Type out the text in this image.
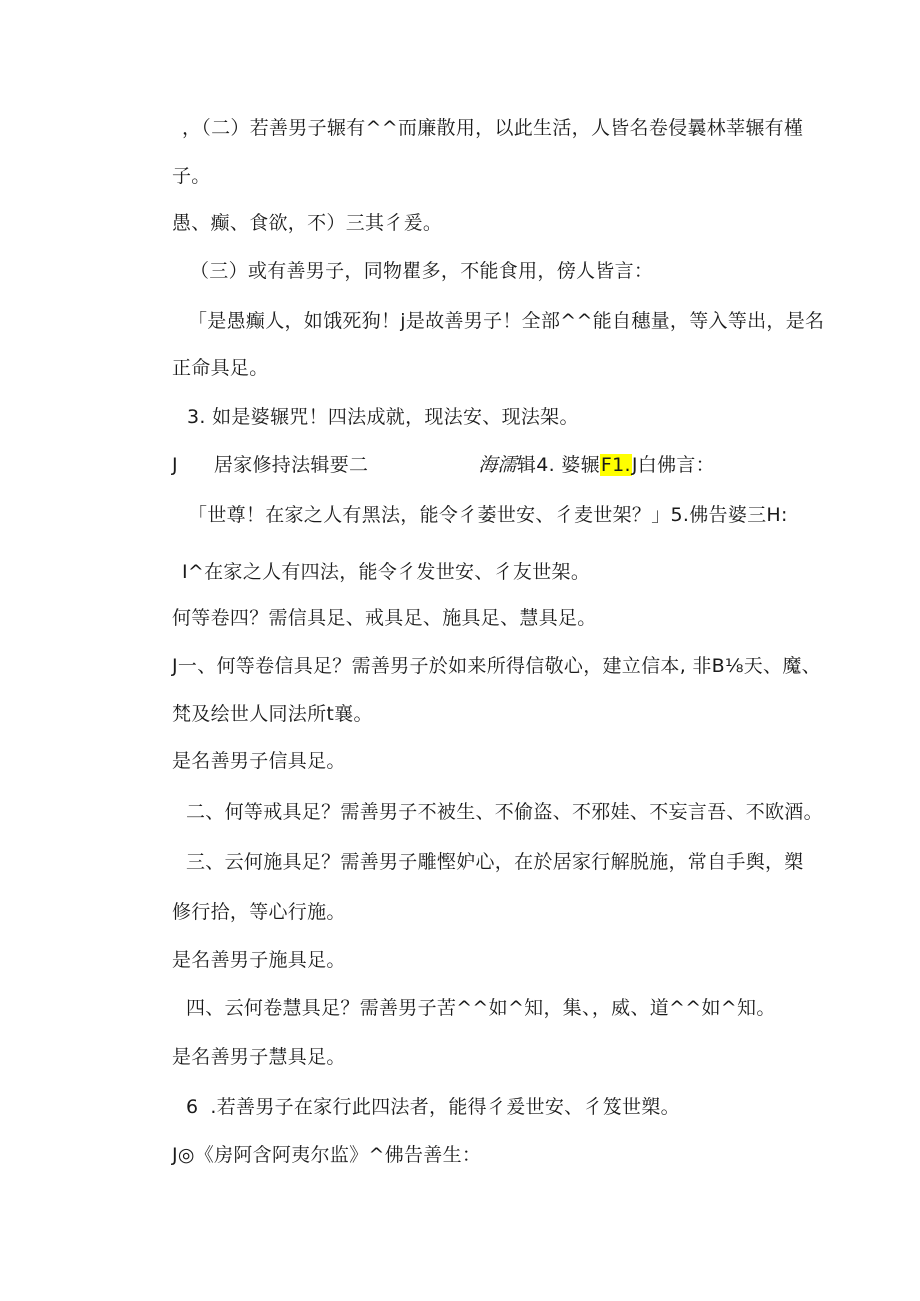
，（二）若善男子辗有^^而廉散用，以此生活，人皆名卷侵曩林莘辗有槿
子。
愚、癫、食欲，不）三其彳爰。
（三）或有善男子，同物瞿多，不能食用，傍人皆言：
「是愚癫人，如饿死狗！j是故善男子！全部^^能自穗量，等入等出，是名
正命具足。
3. 如是婆辗咒！四法成就，现法安、现法架。
J 居家修持法辑要二	海濡辑4. 婆辗F1.J白佛言：
「世尊！在家之人有黑法，能令彳萎世安、彳麦世架？」5.佛告婆三H:
I^在家之人有四法，能令彳发世安、彳友世架。
何等卷四？需信具足、戒具足、施具足、慧具足。
J一、何等卷信具足？需善男子於如来所得信敬心，建立信本, 非B⅛天、魔、
梵及绘世人同法所t襄。
是名善男子信具足。
二、何等戒具足？需善男子不被生、不偷盗、不邪娃、不妄言吾、不欧酒。
三、云何施具足？需善男子雕慳妒心，在於居家行解脱施，常自手舆，槊
修行拾，等心行施。
是名善男子施具足。
四、云何卷慧具足？需善男子苦^^如^知，集、，威、道^^如^知。
是名善男子慧具足。
6 .若善男子在家行此四法者，能得彳爰世安、彳笈世槊。
J◎《房阿含阿夷尔监》^佛告善生：
